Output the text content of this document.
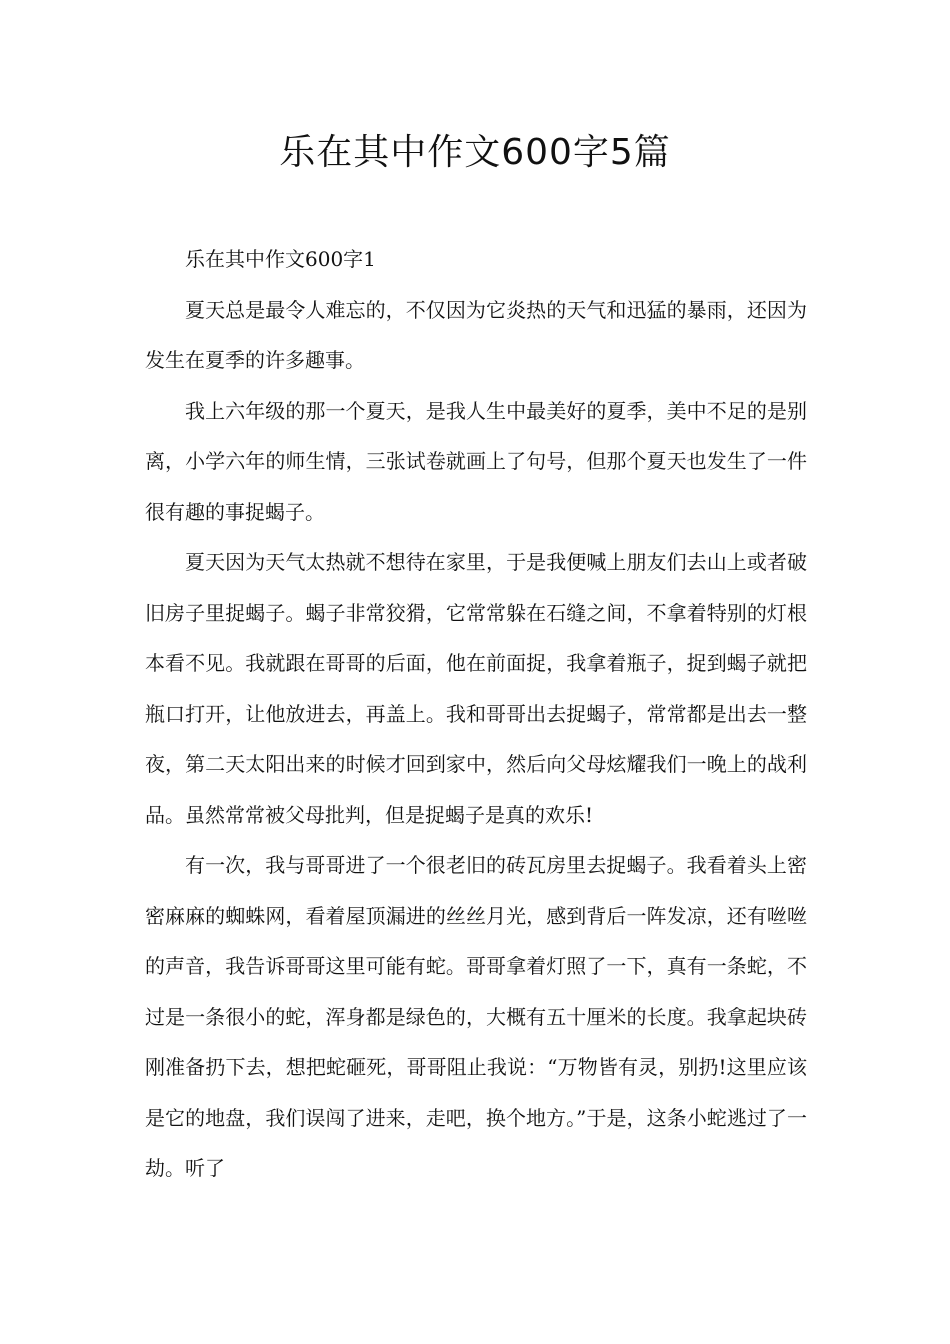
乐在其中作文600字5篇

乐在其中作文600字1

夏天总是最令人难忘的，不仅因为它炎热的天气和迅猛的暴雨，还因为发生在夏季的许多趣事。

我上六年级的那一个夏天，是我人生中最美好的夏季，美中不足的是别离，小学六年的师生情，三张试卷就画上了句号，但那个夏天也发生了一件很有趣的事捉蝎子。

夏天因为天气太热就不想待在家里，于是我便喊上朋友们去山上或者破旧房子里捉蝎子。蝎子非常狡猾，它常常躲在石缝之间，不拿着特别的灯根本看不见。我就跟在哥哥的后面，他在前面捉，我拿着瓶子，捉到蝎子就把瓶口打开，让他放进去，再盖上。我和哥哥出去捉蝎子，常常都是出去一整夜，第二天太阳出来的时候才回到家中，然后向父母炫耀我们一晚上的战利品。虽然常常被父母批判，但是捉蝎子是真的欢乐!

有一次，我与哥哥进了一个很老旧的砖瓦房里去捉蝎子。我看着头上密密麻麻的蜘蛛网，看着屋顶漏进的丝丝月光，感到背后一阵发凉，还有咝咝的声音，我告诉哥哥这里可能有蛇。哥哥拿着灯照了一下，真有一条蛇，不过是一条很小的蛇，浑身都是绿色的，大概有五十厘米的长度。我拿起块砖刚准备扔下去，想把蛇砸死，哥哥阻止我说：“万物皆有灵，别扔!这里应该是它的地盘，我们误闯了进来，走吧，换个地方。”于是，这条小蛇逃过了一劫。听了
